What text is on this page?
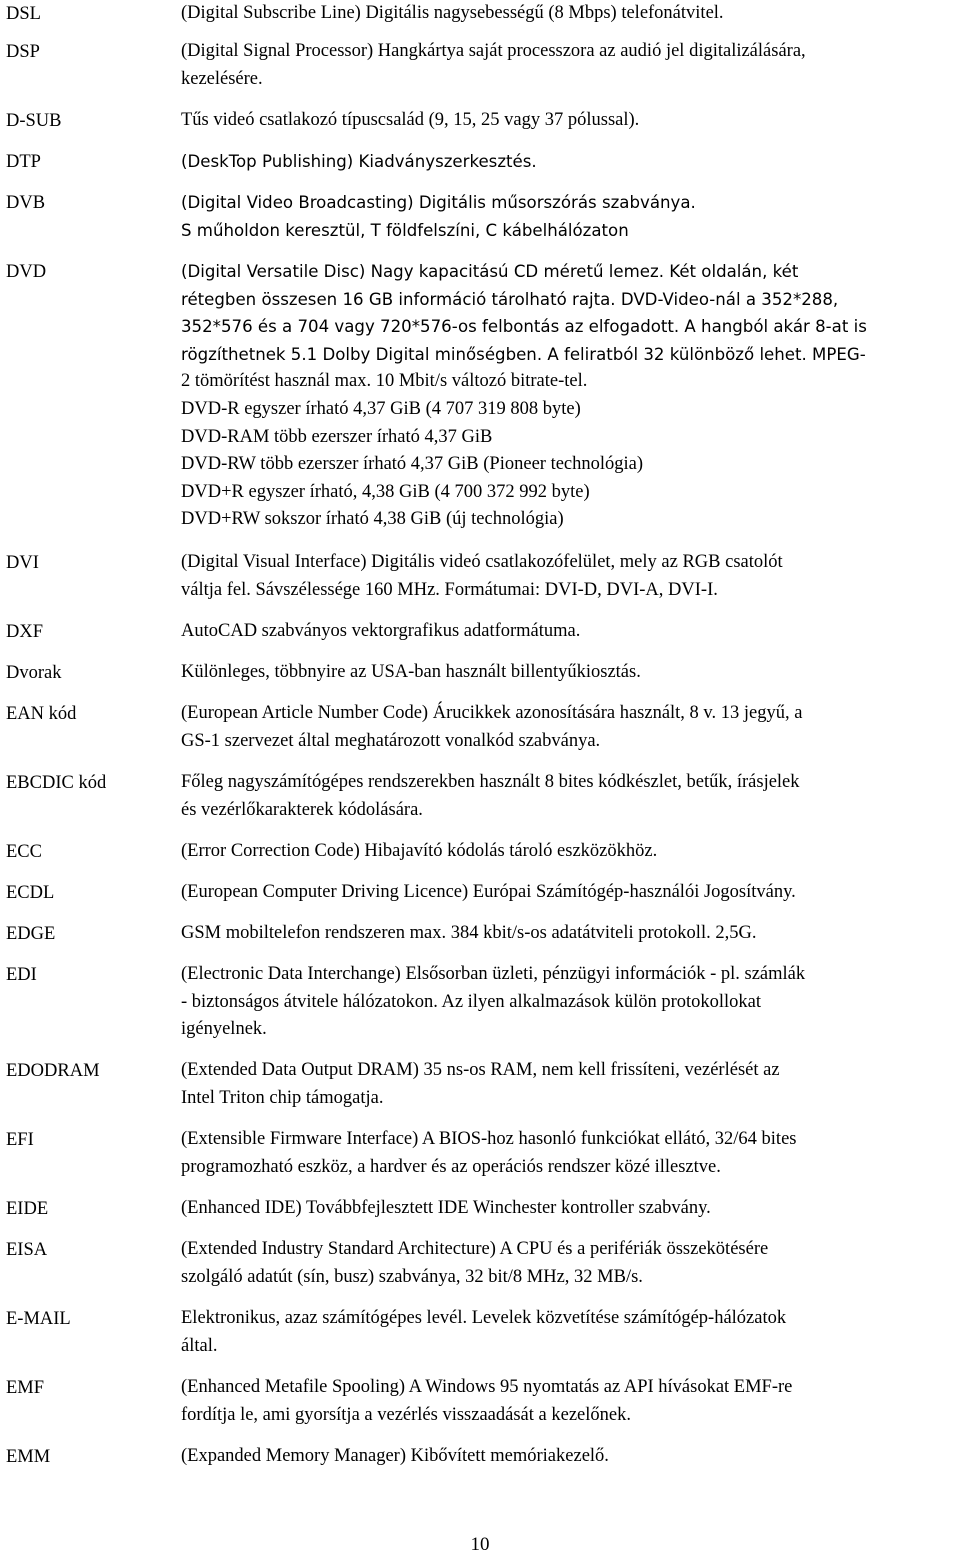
DSL	(Digital Subscribe Line) Digitális nagysebességű (8 Mbps) telefonátvitel.
DSP	(Digital Signal Processor) Hangkártya saját processzora az audió jel digitalizálására,
kezelésére.
D-SUB	Tűs videó csatlakozó típuscsalád (9, 15, 25 vagy 37 pólussal).
DTP	(DeskTop Publishing) Kiadványszerkesztés.
DVB	(Digital Video Broadcasting) Digitális műsorszórás szabványa.
S műholdon keresztül, T földfelszíni, C kábelhálózaton
DVD	(Digital Versatile Disc) Nagy kapacitású CD méretű lemez. Két oldalán, két
rétegben összesen 16 GB információ tárolható rajta. DVD-Video-nál a 352*288,
352*576 és a 704 vagy 720*576-os felbontás az elfogadott. A hangból akár 8-at is
rögzíthetnek 5.1 Dolby Digital minőségben. A feliratból 32 különböző lehet. MPEG-
2 tömörítést használ max. 10 Mbit/s változó bitrate-tel.
DVD-R egyszer írható 4,37 GiB (4 707 319 808 byte)
DVD-RAM több ezerszer írható 4,37 GiB
DVD-RW több ezerszer írható 4,37 GiB (Pioneer technológia)
DVD+R egyszer írható, 4,38 GiB (4 700 372 992 byte)
DVD+RW sokszor írható 4,38 GiB (új technológia)
DVI	(Digital Visual Interface) Digitális videó csatlakozófelület, mely az RGB csatolót
váltja fel. Sávszélessége 160 MHz. Formátumai: DVI-D, DVI-A, DVI-I.
DXF	AutoCAD szabványos vektorgrafikus adatformátuma.
Dvorak	Különleges, többnyire az USA-ban használt billentyűkiosztás.
EAN kód	(European Article Number Code) Árucikkek azonosítására használt, 8 v. 13 jegyű, a
GS-1 szervezet által meghatározott vonalkód szabványa.
EBCDIC kód	Főleg nagyszámítógépes rendszerekben használt 8 bites kódkészlet, betűk, írásjelek
és vezérlőkarakterek kódolására.
ECC	(Error Correction Code) Hibajavító kódolás tároló eszközökhöz.
ECDL	(European Computer Driving Licence) Európai Számítógép-használói Jogosítvány.
EDGE	GSM mobiltelefon rendszeren max. 384 kbit/s-os adatátviteli protokoll. 2,5G.
EDI	(Electronic Data Interchange) Elsősorban üzleti, pénzügyi információk - pl. számlák
- biztonságos átvitele hálózatokon. Az ilyen alkalmazások külön protokollokat
igényelnek.
EDODRAM	(Extended Data Output DRAM) 35 ns-os RAM, nem kell frissíteni, vezérlését az
Intel Triton chip támogatja.
EFI	(Extensible Firmware Interface) A BIOS-hoz hasonló funkciókat ellátó, 32/64 bites
programozható eszköz, a hardver és az operációs rendszer közé illesztve.
EIDE	(Enhanced IDE) Továbbfejlesztett IDE Winchester kontroller szabvány.
EISA	(Extended Industry Standard Architecture) A CPU és a perifériák összekötésére
szolgáló adatút (sín, busz) szabványa, 32 bit/8 MHz, 32 MB/s.
E-MAIL	Elektronikus, azaz számítógépes levél. Levelek közvetítése számítógép-hálózatok
által.
EMF	(Enhanced Metafile Spooling) A Windows 95 nyomtatás az API hívásokat EMF-re
fordítja le, ami gyorsítja a vezérlés visszaadását a kezelőnek.
EMM	(Expanded Memory Manager) Kibővített memóriakezelő.
10
